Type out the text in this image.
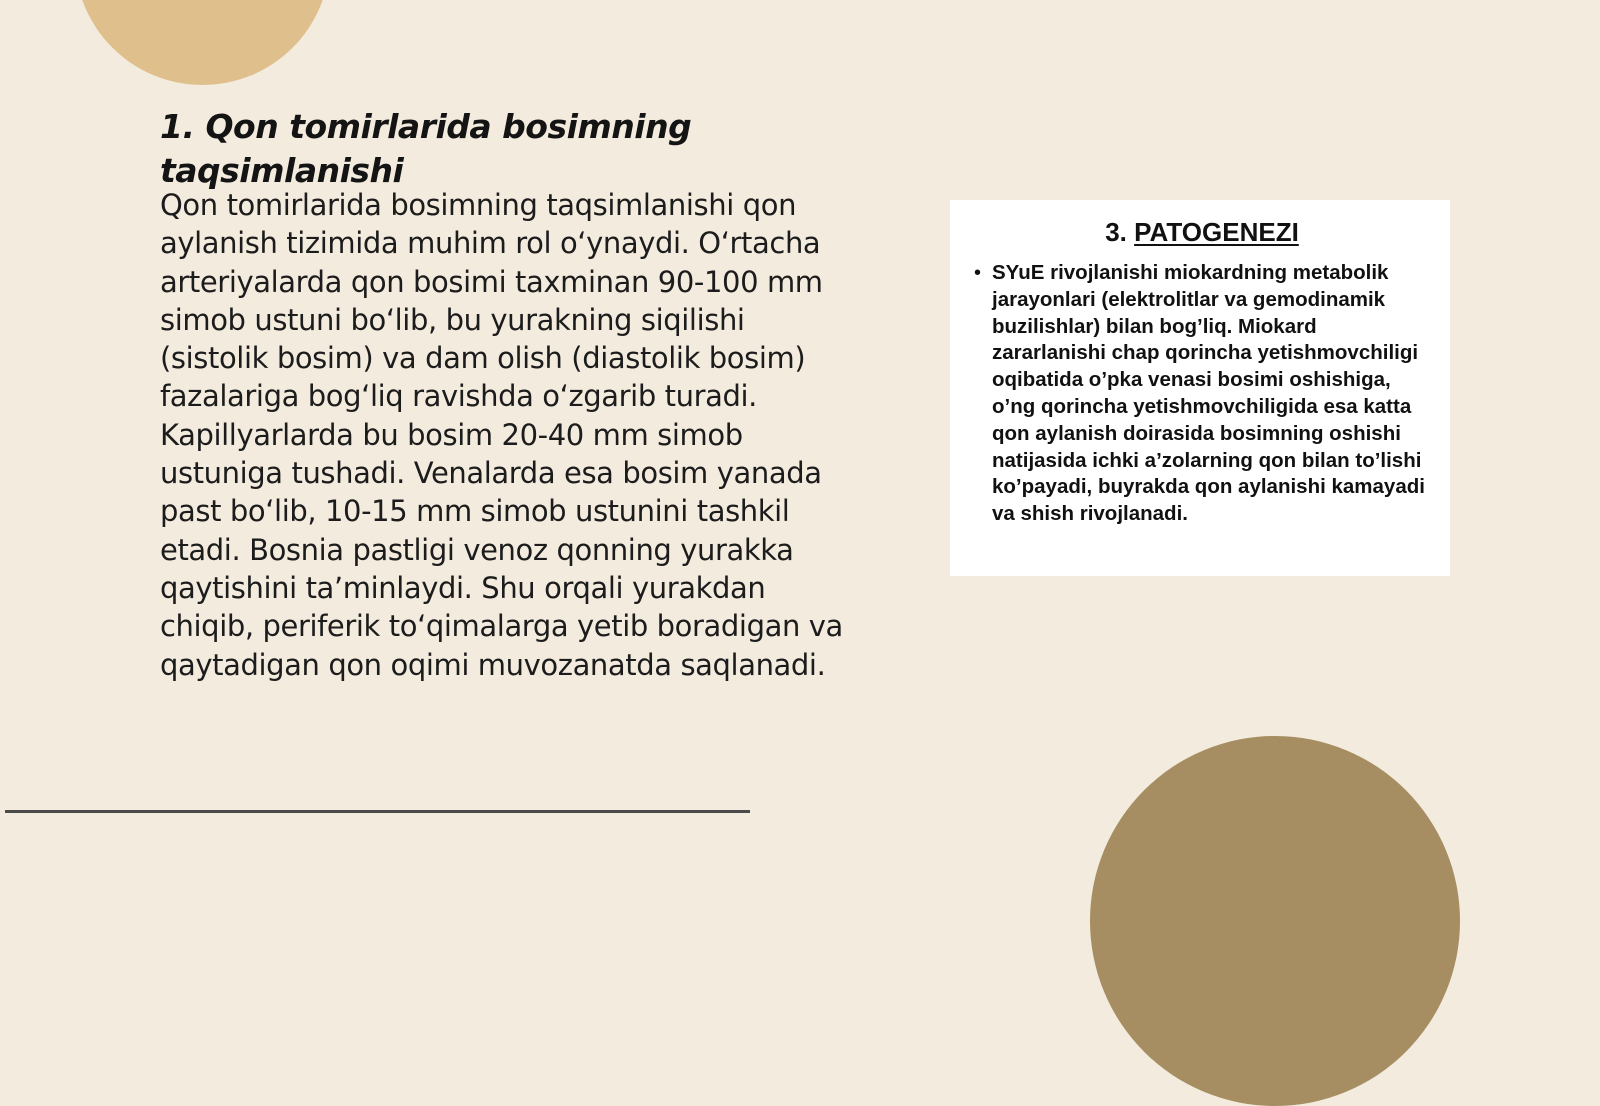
1. Qon tomirlarida bosimning taqsimlanishi

Qon tomirlarida bosimning taqsimlanishi qon aylanish tizimida muhim rol oʻynaydi. Oʻrtacha arteriyalarda qon bosimi taxminan 90-100 mm simob ustuni boʻlib, bu yurakning siqilishi (sistolik bosim) va dam olish (diastolik bosim) fazalariga bogʻliq ravishda oʻzgarib turadi. Kapillyarlarda bu bosim 20-40 mm simob ustuniga tushadi. Venalarda esa bosim yanada past boʻlib, 10-15 mm simob ustunini tashkil etadi. Bosnia pastligi venoz qonning yurakka qaytishini taʼminlaydi. Shu orqali yurakdan chiqib, periferik toʻqimalarga yetib boradigan va qaytadigan qon oqimi muvozanatda saqlanadi.

3. PATOGENEZI
• SYuE rivojlanishi miokardning metabolik jarayonlari (elektrolitlar va gemodinamik buzilishlar) bilan bog’liq. Miokard zararlanishi chap qorincha yetishmovchiligi oqibatida o’pka venasi bosimi oshishiga, o’ng qorincha yetishmovchiligida esa katta qon aylanish doirasida bosimning oshishi natijasida ichki a’zolarning qon bilan to’lishi ko’payadi, buyrakda qon aylanishi kamayadi va shish rivojlanadi.
